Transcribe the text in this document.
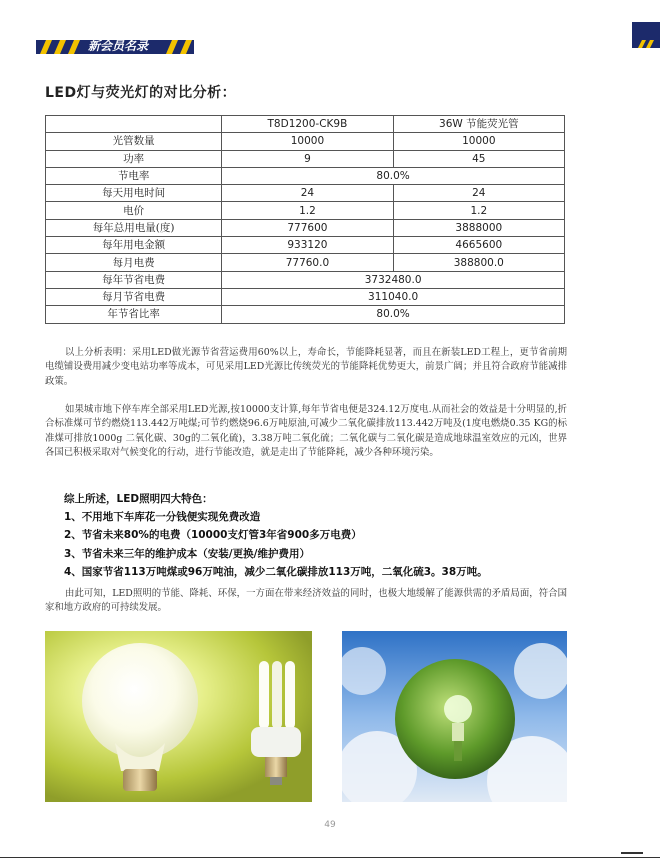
新会员名录
LED灯与荧光灯的对比分析：
	T8D1200-CK9B	36W 节能荧光管
光管数量	10000	10000
功率	9	45
节电率	80.0%	
每天用电时间	24	24
电价	1.2	1.2
每年总用电量(度)	777600	3888000
每年用电金额	933120	4665600
每月电费	77760.0	388800.0
每年节省电费	3732480.0	
每月节省电费	311040.0	
年节省比率	80.0%	
以上分析表明：采用LED做光源节省营运费用60%以上，寿命长，节能降耗显著，而且在新装LED工程上，更节省前期电缆铺设费用减少变电站功率等成本，可见采用LED光源比传统荧光的节能降耗优势更大，前景广阔；并且符合政府节能减排政策。
如果城市地下停车库全部采用LED光源,按10000支计算,每年节省电便是324.12万度电.从而社会的效益是十分明显的,折合标准煤可节约燃烧113.442万吨煤;可节约燃烧96.6万吨原油,可减少二氧化碳排放113.442万吨及(1度电燃烧0.35 KG的标准煤可排放1000g 二氧化碳、30g的二氧化硫)，3.38万吨二氧化硫；二氧化碳与二氧化碳是造成地球温室效应的元凶，世界各国已积极采取对气候变化的行动，进行节能改造，就是走出了节能降耗，减少各种环境污染。
综上所述，LED照明四大特色：
1、不用地下车库花一分钱便实现免费改造
2、节省未来80%的电费（10000支灯管3年省900多万电费）
3、节省未来三年的维护成本（安装/更换/维护费用）
4、国家节省113万吨煤或96万吨油，减少二氧化碳排放113万吨，二氧化硫3。38万吨。
由此可知，LED照明的节能、降耗、环保，一方面在带来经济效益的同时，也极大地缓解了能源供需的矛盾局面，符合国家和地方政府的可持续发展。
49
